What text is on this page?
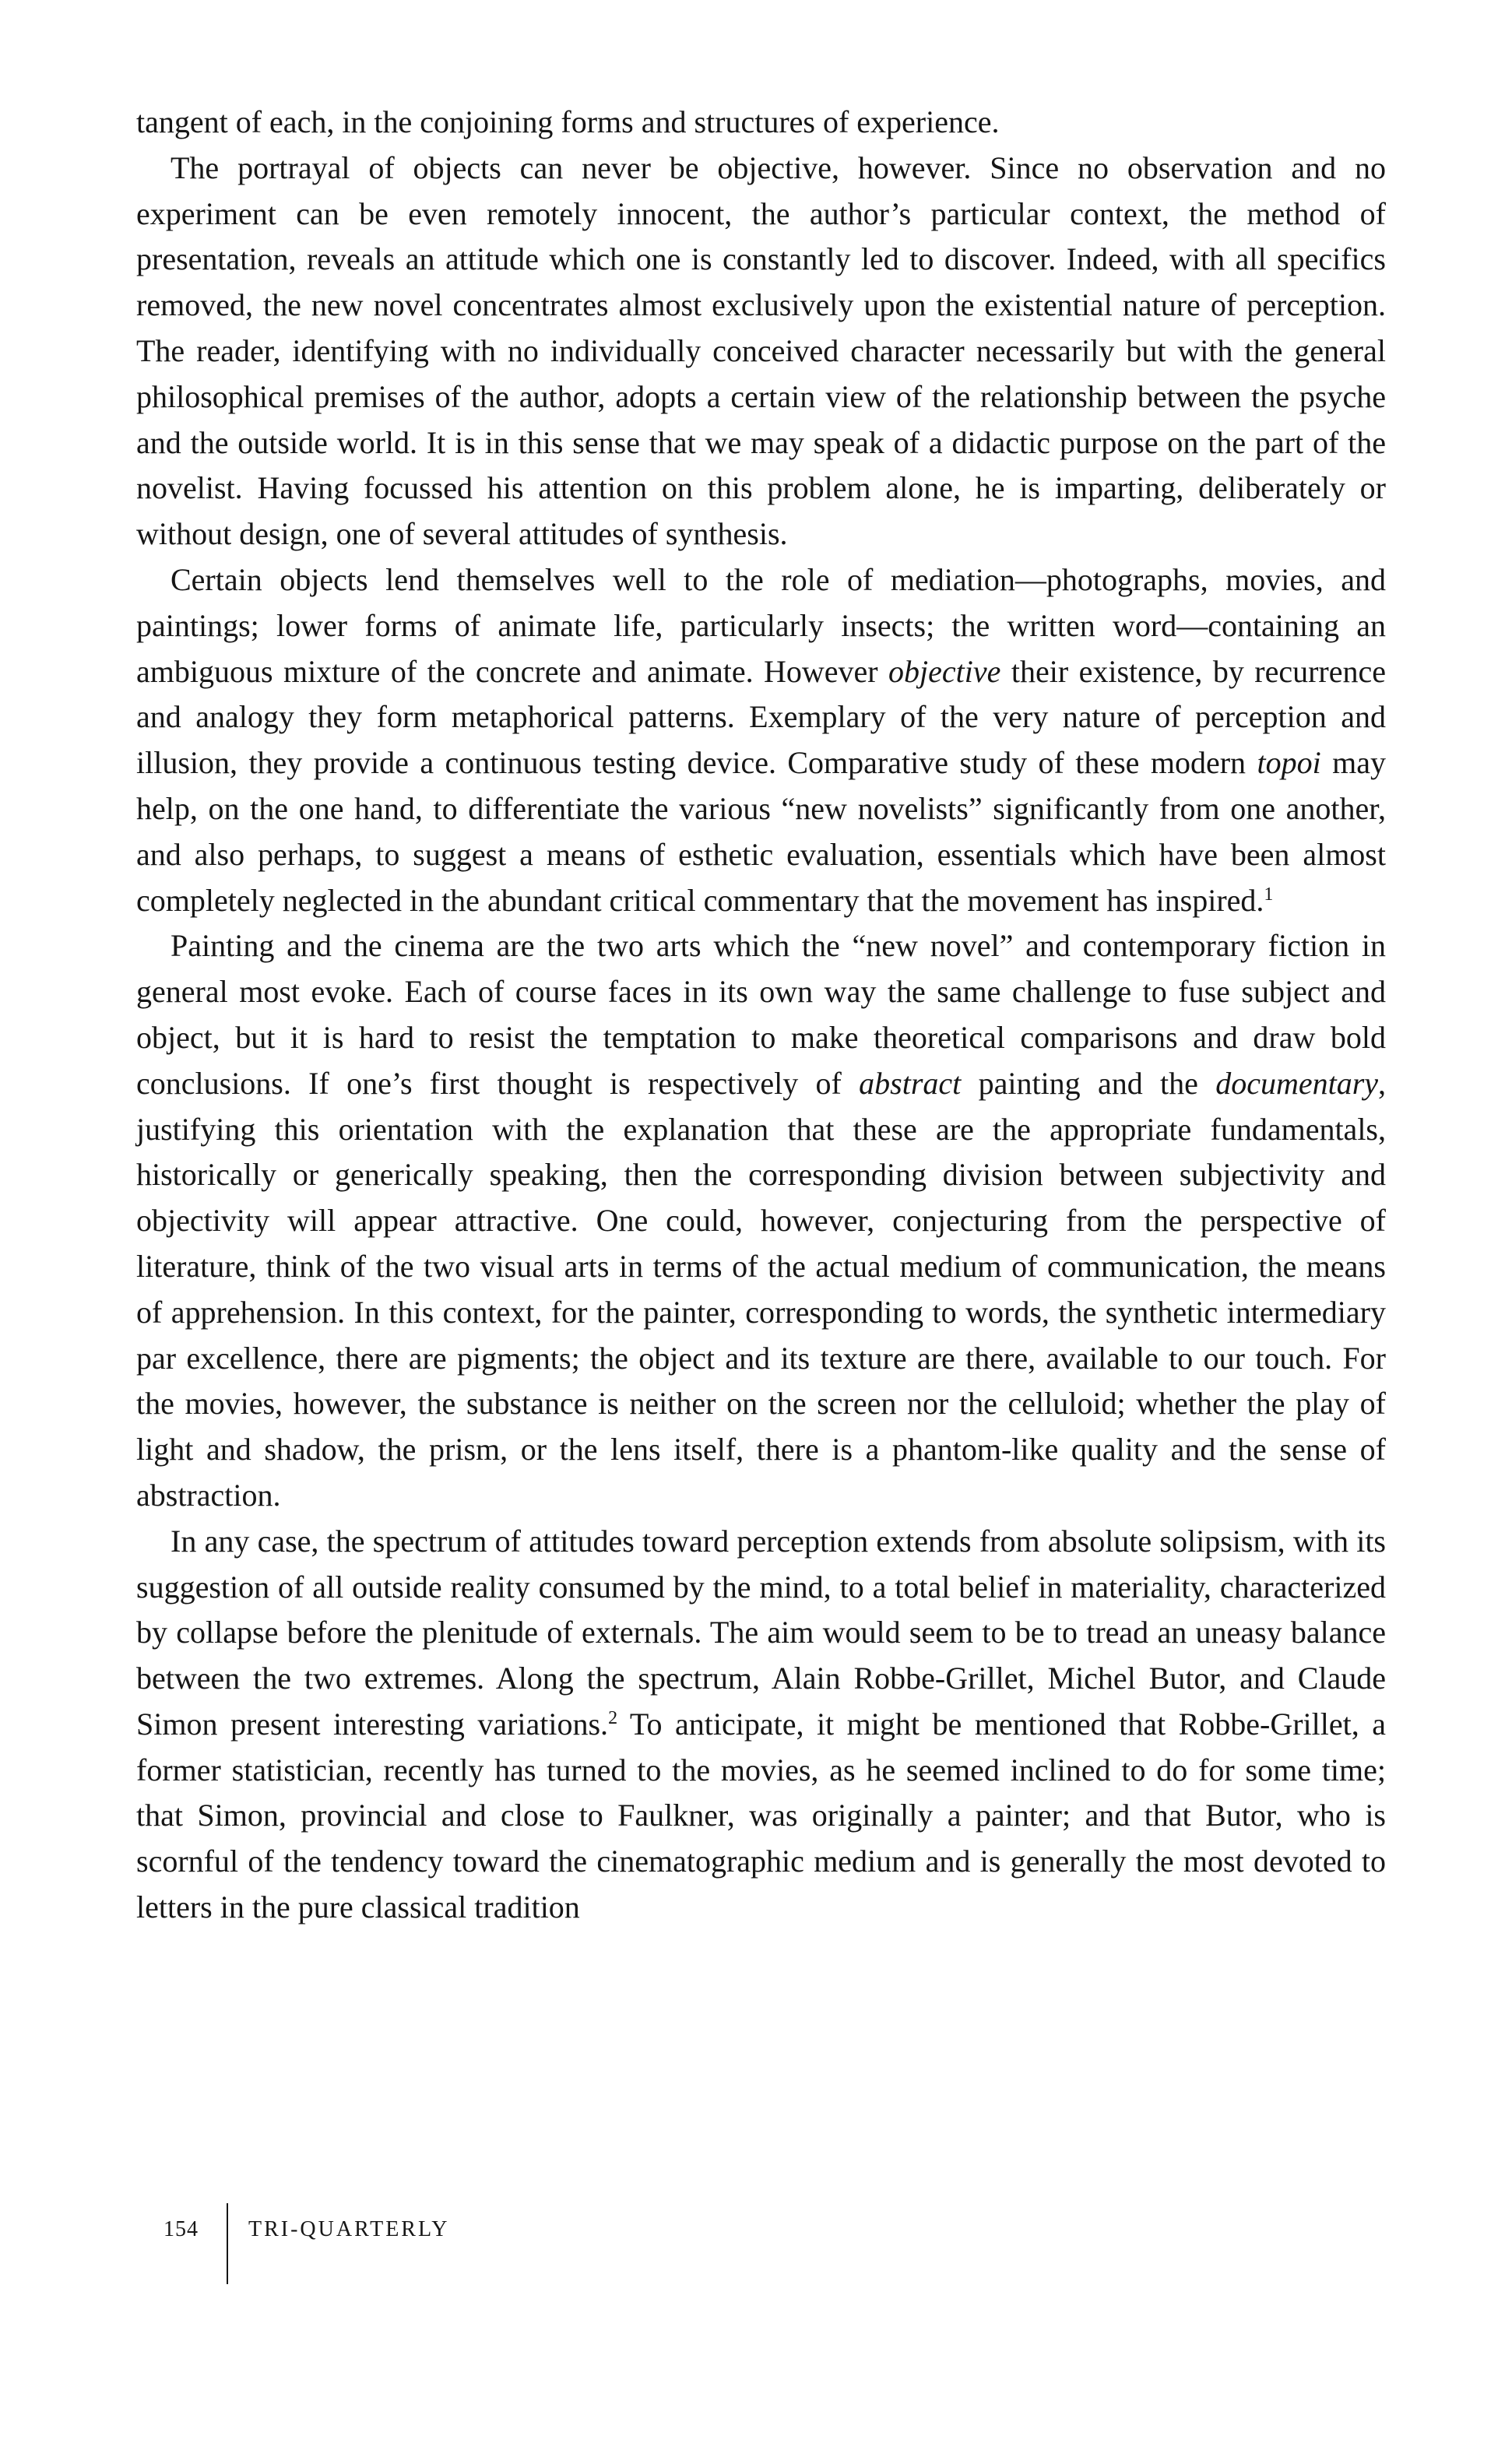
tangent of each, in the conjoining forms and structures of experience.

The portrayal of objects can never be objective, however. Since no observation and no experiment can be even remotely innocent, the author’s particular context, the method of presentation, reveals an attitude which one is constantly led to discover. Indeed, with all specifics removed, the new novel concentrates almost exclusively upon the existential nature of perception. The reader, identifying with no individually conceived character necessarily but with the general philosophical premises of the author, adopts a certain view of the relationship between the psyche and the outside world. It is in this sense that we may speak of a didactic purpose on the part of the novelist. Having focussed his attention on this problem alone, he is imparting, deliberately or without design, one of several attitudes of synthesis.

Certain objects lend themselves well to the role of mediation—photographs, movies, and paintings; lower forms of animate life, particularly insects; the written word—containing an ambiguous mixture of the concrete and animate. However objective their existence, by recurrence and analogy they form metaphorical patterns. Exemplary of the very nature of perception and illusion, they provide a continuous testing device. Comparative study of these modern topoi may help, on the one hand, to differentiate the various “new novelists” significantly from one another, and also perhaps, to suggest a means of esthetic evaluation, essentials which have been almost completely neglected in the abundant critical commentary that the movement has inspired.$^1$

Painting and the cinema are the two arts which the “new novel” and contemporary fiction in general most evoke. Each of course faces in its own way the same challenge to fuse subject and object, but it is hard to resist the temptation to make theoretical comparisons and draw bold conclusions. If one’s first thought is respectively of abstract painting and the documentary, justifying this orientation with the explanation that these are the appropriate fundamentals, historically or generically speaking, then the corresponding division between subjectivity and objectivity will appear attractive. One could, however, conjecturing from the perspective of literature, think of the two visual arts in terms of the actual medium of communication, the means of apprehension. In this context, for the painter, corresponding to words, the synthetic intermediary par excellence, there are pigments; the object and its texture are there, available to our touch. For the movies, however, the substance is neither on the screen nor the celluloid; whether the play of light and shadow, the prism, or the lens itself, there is a phantom-like quality and the sense of abstraction.

In any case, the spectrum of attitudes toward perception extends from absolute solipsism, with its suggestion of all outside reality consumed by the mind, to a total belief in materiality, characterized by collapse before the plenitude of externals. The aim would seem to be to tread an uneasy balance between the two extremes. Along the spectrum, Alain Robbe-Grillet, Michel Butor, and Claude Simon present interesting variations.$^2$ To anticipate, it might be mentioned that Robbe-Grillet, a former statistician, recently has turned to the movies, as he seemed inclined to do for some time; that Simon, provincial and close to Faulkner, was originally a painter; and that Butor, who is scornful of the tendency toward the cinematographic medium and is generally the most devoted to letters in the pure classical tradition

154 TRI-QUARTERLY
